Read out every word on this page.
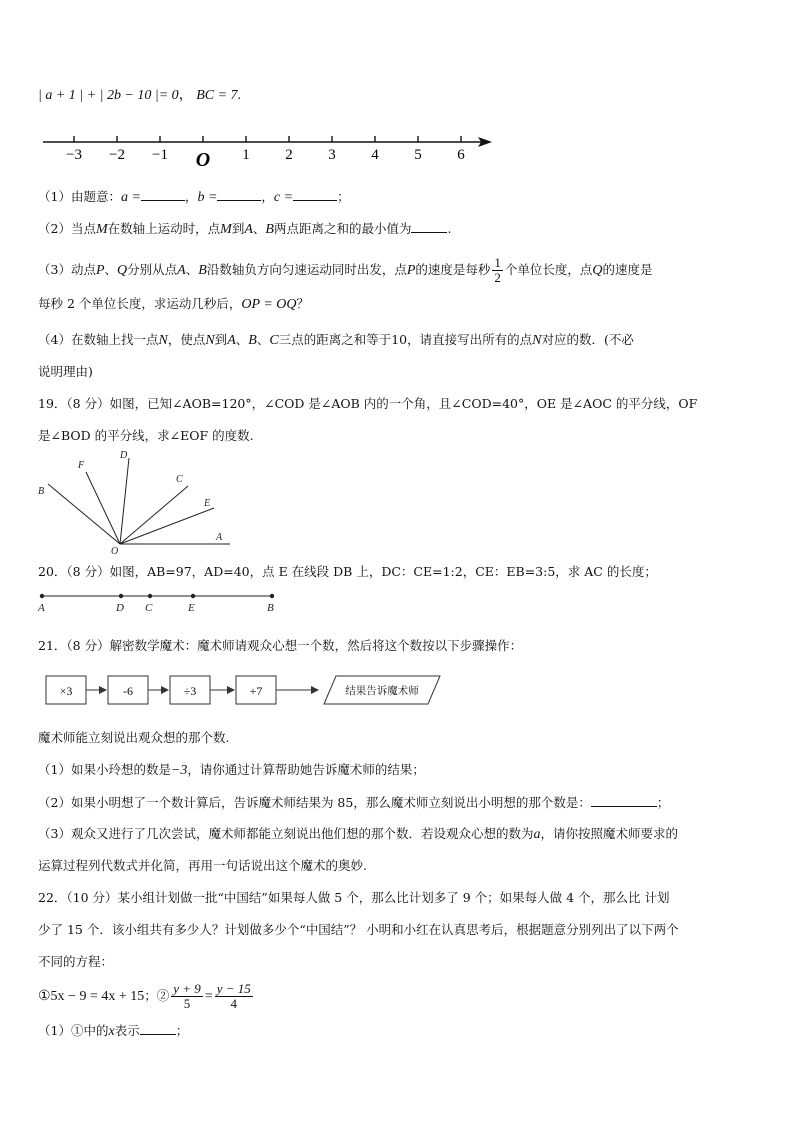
| a + 1 | + | 2b − 10 |= 0， BC = 7.
−3 −2 −1 O 1 2 3 4 5 6
（1）由题意：a =	，b =	，c =	；
（2）当点M在数轴上运动时，点M到A、B两点距离之和的最小值为	.
（3）动点P、Q分别从点A、B沿数轴负方向匀速运动同时出发，点P的速度是每秒 $\frac{1}{2}$ 个单位长度，点Q的速度是
每秒 2 个单位长度，求运动几秒后，OP = OQ？
（4）在数轴上找一点N，使点N到A、B、C三点的距离之和等于10，请直接写出所有的点N对应的数．(不必
说明理由)
19．（8 分）如图，已知∠AOB=120°，∠COD 是∠AOB 内的一个角，且∠COD=40°，OE 是∠AOC 的平分线，OF
是∠BOD 的平分线，求∠EOF 的度数.
O
A
E
C
D
F
B
20．（8 分）如图，AB=97，AD=40，点 E 在线段 DB 上，DC：CE=1:2，CE：EB=3:5，求 AC 的长度；
A	D C	E	B
21．（8 分）解密数学魔术：魔术师请观众心想一个数，然后将这个数按以下步骤操作：
×3	-6	÷3	+7	结果告诉魔术师
魔术师能立刻说出观众想的那个数.
（1）如果小玲想的数是−3，请你通过计算帮助她告诉魔术师的结果；
（2）如果小明想了一个数计算后，告诉魔术师结果为 85，那么魔术师立刻说出小明想的那个数是：	；
（3）观众又进行了几次尝试，魔术师都能立刻说出他们想的那个数．若设观众心想的数为a，请你按照魔术师要求的
运算过程列代数式并化简，再用一句话说出这个魔术的奥妙.
22．（10 分）某小组计划做一批“中国结”如果每人做 5 个，那么比计划多了 9 个；如果每人做 4 个，那么比 计划
少了 15 个．该小组共有多少人？计划做多少个“中国结”？ 小明和小红在认真思考后，根据题意分别列出了以下两个
不同的方程：
①5x − 9 = 4x + 15；② $\frac{y + 9}{5} = \frac{y - 15}{4}$
（1）①中的x表示	；
